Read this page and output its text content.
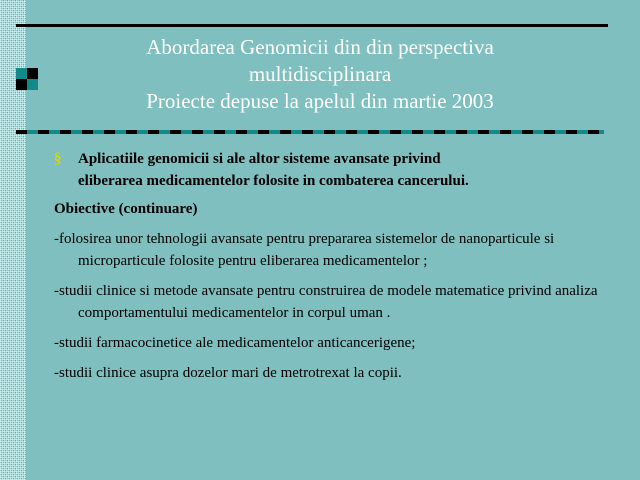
Abordarea Genomicii din din perspectiva
multidisciplinara
Proiecte depuse la apelul din martie 2003
§ Aplicatiile genomicii si ale altor sisteme avansate privind
eliberarea medicamentelor folosite in combaterea cancerului.
Obiective (continuare)
-folosirea unor tehnologii avansate pentru prepararea sistemelor de nanoparticule si microparticule folosite pentru eliberarea medicamentelor ;
-studii clinice si metode avansate pentru construirea de modele matematice privind analiza comportamentului medicamentelor in corpul uman .
-studii farmacocinetice ale medicamentelor anticancerigene;
-studii clinice asupra dozelor mari de metrotrexat la copii.
